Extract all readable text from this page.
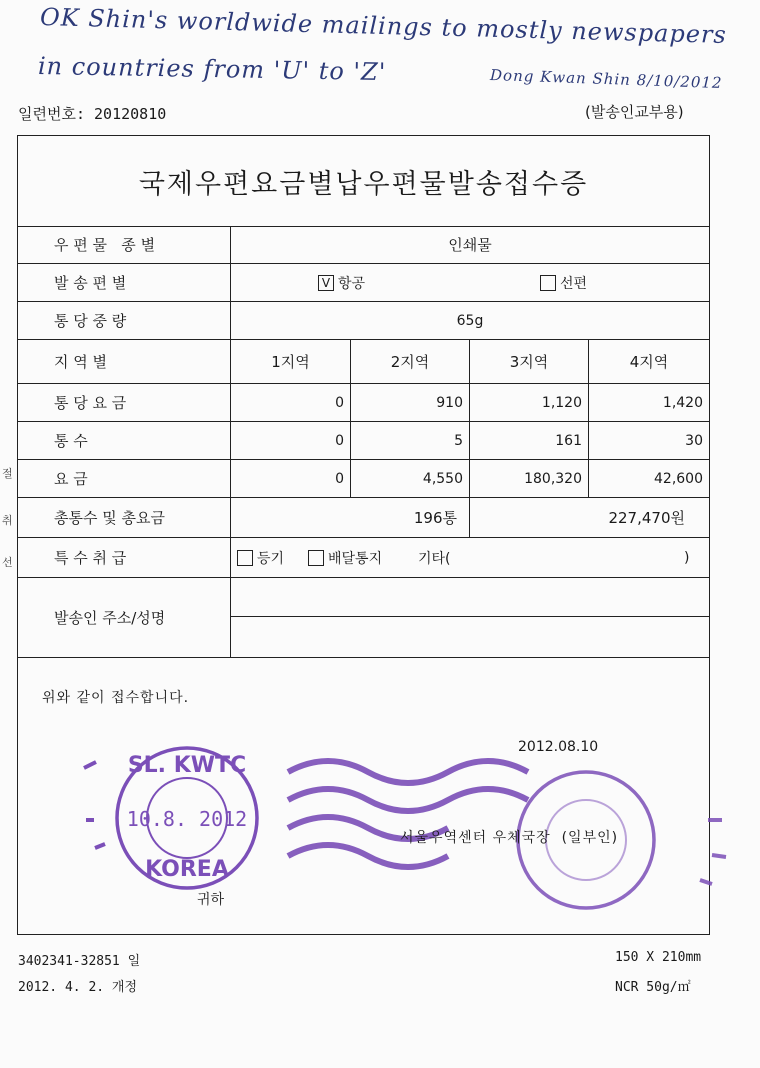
OK Shin's worldwide mailings to mostly newspapers
in countries from 'U' to 'Z'	Dong Kwan Shin 8/10/2012
일련번호: 20120810	(발송인교부용)
절
취
선
국제우편요금별납우편물발송접수증
우 편 물   종 별	인쇄물
발 송 편 별	V 항공	선편
통 당 중 량	65g
지 역 별	1지역	2지역	3지역	4지역
통 당 요 금	0	910	1,120	1,420
통 수	0	5	161	30
요 금	0	4,550	180,320	42,600
총통수 및 총요금	196통	227,470원
특 수 취 급	등기	배달통지	기타(	)
발송인 주소/성명
위와 같이 접수합니다.
2012.08.10
SL. KWTC
10.8. 2012
KOREA
서울우역센터 우체국장  (일부인)
귀하
3402341-32851 일
2012. 4. 2. 개정
150 X 210mm
NCR 50g/㎡
